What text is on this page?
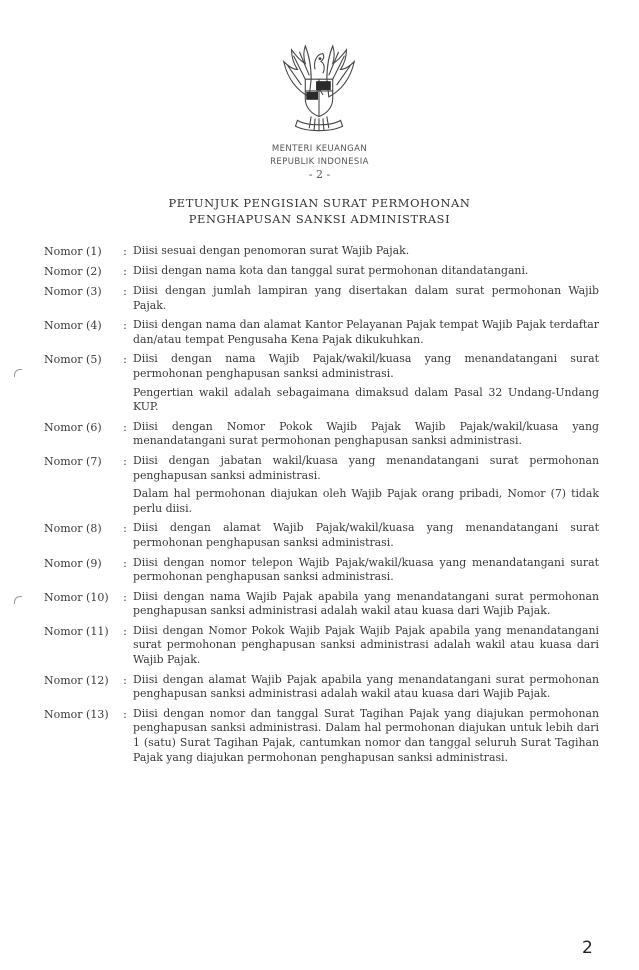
MENTERI KEUANGAN
REPUBLIK INDONESIA
- 2 -
PETUNJUK PENGISIAN SURAT PERMOHONAN
PENGHAPUSAN SANKSI ADMINISTRASI
Nomor (1)	: Diisi sesuai dengan penomoran surat Wajib Pajak.

Nomor (2)	: Diisi dengan nama kota dan tanggal surat permohonan ditandatangani.

Nomor (3)	: Diisi dengan jumlah lampiran yang disertakan dalam surat permohonan Wajib Pajak.

Nomor (4)	: Diisi dengan nama dan alamat Kantor Pelayanan Pajak tempat Wajib Pajak terdaftar dan/atau tempat Pengusaha Kena Pajak dikukuhkan.

Nomor (5)	: Diisi dengan nama Wajib Pajak/wakil/kuasa yang menandatangani surat permohonan penghapusan sanksi administrasi.

Pengertian wakil adalah sebagaimana dimaksud dalam Pasal 32 Undang-Undang KUP.

Nomor (6)	: Diisi dengan Nomor Pokok Wajib Pajak Wajib Pajak/wakil/kuasa yang menandatangani surat permohonan penghapusan sanksi administrasi.

Nomor (7)	: Diisi dengan jabatan wakil/kuasa yang menandatangani surat permohonan penghapusan sanksi administrasi.

Dalam hal permohonan diajukan oleh Wajib Pajak orang pribadi, Nomor (7) tidak perlu diisi.

Nomor (8)	: Diisi dengan alamat Wajib Pajak/wakil/kuasa yang menandatangani surat permohonan penghapusan sanksi administrasi.

Nomor (9)	: Diisi dengan nomor telepon Wajib Pajak/wakil/kuasa yang menandatangani surat permohonan penghapusan sanksi administrasi.

Nomor (10)	: Diisi dengan nama Wajib Pajak apabila yang menandatangani surat permohonan penghapusan sanksi administrasi adalah wakil atau kuasa dari Wajib Pajak.

Nomor (11)	: Diisi dengan Nomor Pokok Wajib Pajak Wajib Pajak apabila yang menandatangani surat permohonan penghapusan sanksi administrasi adalah wakil atau kuasa dari Wajib Pajak.

Nomor (12)	: Diisi dengan alamat Wajib Pajak apabila yang menandatangani surat permohonan penghapusan sanksi administrasi adalah wakil atau kuasa dari Wajib Pajak.

Nomor (13)	: Diisi dengan nomor dan tanggal Surat Tagihan Pajak yang diajukan permohonan penghapusan sanksi administrasi. Dalam hal permohonan diajukan untuk lebih dari 1 (satu) Surat Tagihan Pajak, cantumkan nomor dan tanggal seluruh Surat Tagihan Pajak yang diajukan permohonan penghapusan sanksi administrasi.

2
